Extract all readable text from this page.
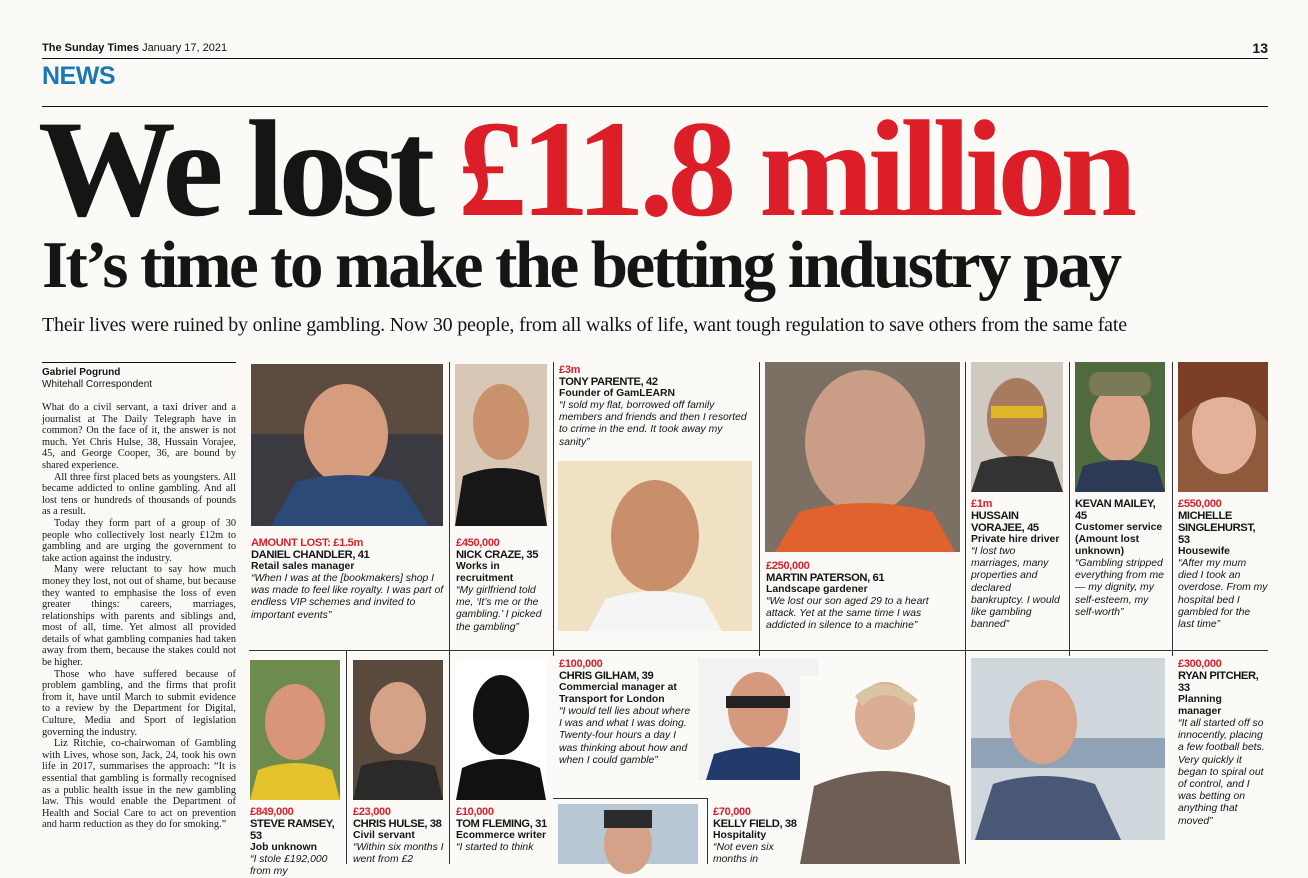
The Sunday Times January 17, 2021	13
NEWS
We lost £11.8 million
It’s time to make the betting industry pay
Their lives were ruined by online gambling. Now 30 people, from all walks of life, want tough regulation to save others from the same fate
Gabriel Pogrund
Whitehall Correspondent

What do a civil servant, a taxi driver and a journalist at The Daily Telegraph have in common? On the face of it, the answer is not much. Yet Chris Hulse, 38, Hussain Vorajee, 45, and George Cooper, 36, are bound by shared experience.

All three first placed bets as youngsters. All became addicted to online gambling. And all lost tens or hundreds of thousands of pounds as a result.

Today they form part of a group of 30 people who collectively lost nearly £12m to gambling and are urging the government to take action against the industry.

Many were reluctant to say how much money they lost, not out of shame, but because they wanted to emphasise the loss of even greater things: careers, marriages, relationships with parents and siblings and, most of all, time. Yet almost all provided details of what gambling companies had taken away from them, because the stakes could not be higher.

Those who have suffered because of problem gambling, and the firms that profit from it, have until March to submit evidence to a review by the Department for Digital, Culture, Media and Sport of legislation governing the industry.

Liz Ritchie, co-chairwoman of Gambling with Lives, whose son, Jack, 24, took his own life in 2017, summarises the approach: “It is essential that gambling is formally recognised as a public health issue in the new gambling law. This would enable the Department of Health and Social Care to act on prevention and harm reduction as they do for smoking.”

AMOUNT LOST: £1.5m
DANIEL CHANDLER, 41
Retail sales manager
“When I was at the [bookmakers] shop I was made to feel like royalty. I was part of endless VIP schemes and invited to important events”
£450,000
NICK CRAZE, 35
Works in recruitment
“My girlfriend told me, ‘It’s me or the gambling.’ I picked the gambling”
£3m
TONY PARENTE, 42
Founder of GamLEARN
“I sold my flat, borrowed off family members and friends and then I resorted to crime in the end. It took away my sanity”
£250,000
MARTIN PATERSON, 61
Landscape gardener
“We lost our son aged 29 to a heart attack. Yet at the same time I was addicted in silence to a machine”
£1m
HUSSAIN VORAJEE, 45
Private hire driver
“I lost two marriages, many properties and declared bankruptcy. I would like gambling banned”
KEVAN MAILEY, 45
Customer service (Amount lost unknown)
“Gambling stripped everything from me — my dignity, my self-esteem, my self-worth”
£550,000
MICHELLE SINGLEHURST, 53
Housewife
“After my mum died I took an overdose. From my hospital bed I gambled for the last time”
£849,000
STEVE RAMSEY, 53
Job unknown
“I stole £192,000 from my
£23,000
CHRIS HULSE, 38
Civil servant
“Within six months I went from £2
£10,000
TOM FLEMING, 31
Ecommerce writer
“I started to think
£100,000
CHRIS GILHAM, 39
Commercial manager at Transport for London
“I would tell lies about where I was and what I was doing. Twenty-four hours a day I was thinking about how and when I could gamble”
£70,000
KELLY FIELD, 38
Hospitality
“Not even six months in
£300,000
RYAN PITCHER, 33
Planning manager
“It all started off so innocently, placing a few football bets. Very quickly it began to spiral out of control, and I was betting on anything that moved”
